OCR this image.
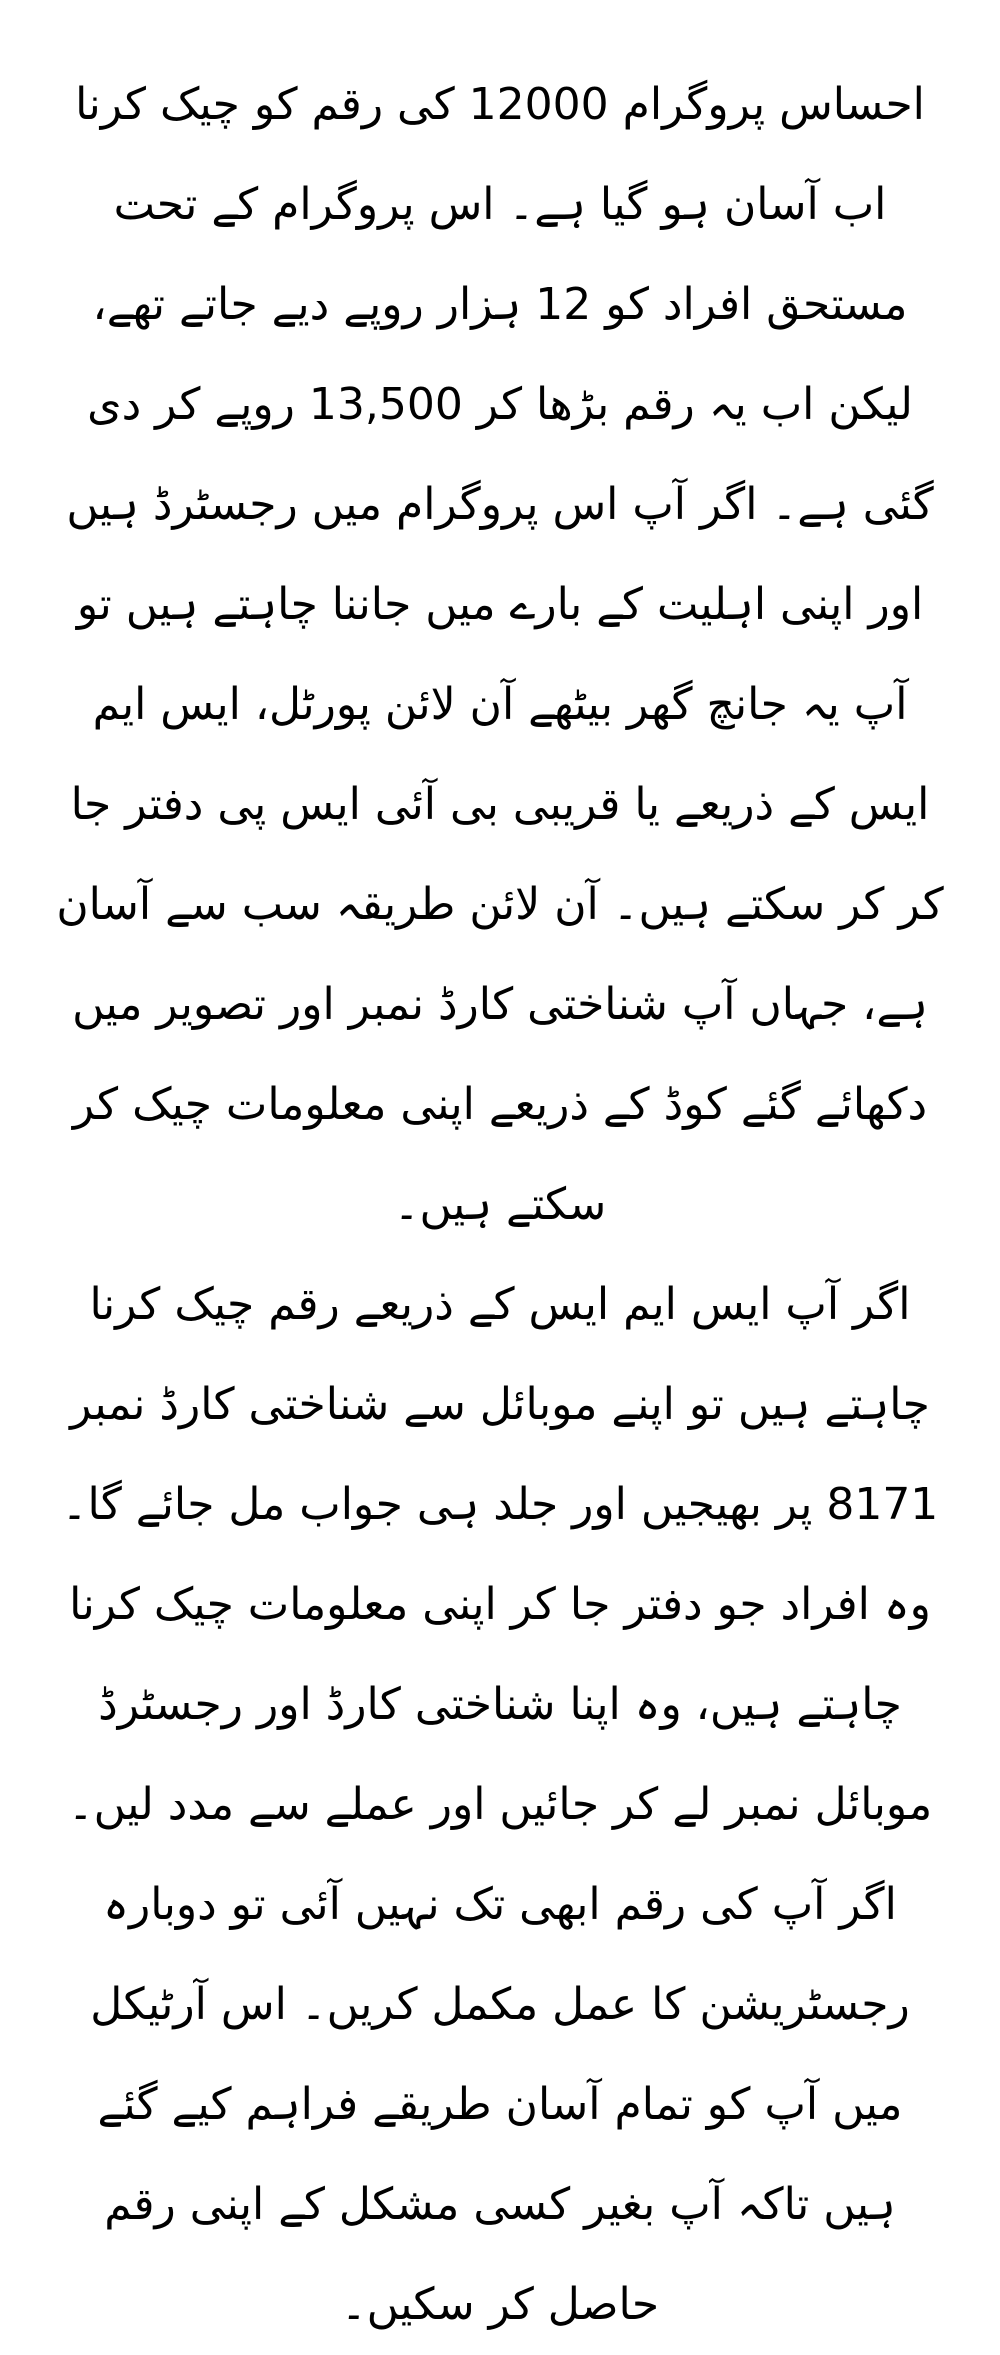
احساس پروگرام 12000 کی رقم کو چیک کرنا اب آسان ہو گیا ہے۔ اس پروگرام کے تحت مستحق افراد کو 12 ہزار روپے دیے جاتے تھے، لیکن اب یہ رقم بڑھا کر 13,500 روپے کر دی گئی ہے۔ اگر آپ اس پروگرام میں رجسٹرڈ ہیں اور اپنی اہلیت کے بارے میں جاننا چاہتے ہیں تو آپ یہ جانچ گھر بیٹھے آن لائن پورٹل، ایس ایم ایس کے ذریعے یا قریبی بی آئی ایس پی دفتر جا کر کر سکتے ہیں۔ آن لائن طریقہ سب سے آسان ہے، جہاں آپ شناختی کارڈ نمبر اور تصویر میں دکھائے گئے کوڈ کے ذریعے اپنی معلومات چیک کر سکتے ہیں۔

اگر آپ ایس ایم ایس کے ذریعے رقم چیک کرنا چاہتے ہیں تو اپنے موبائل سے شناختی کارڈ نمبر 8171 پر بھیجیں اور جلد ہی جواب مل جائے گا۔ وہ افراد جو دفتر جا کر اپنی معلومات چیک کرنا چاہتے ہیں، وہ اپنا شناختی کارڈ اور رجسٹرڈ موبائل نمبر لے کر جائیں اور عملے سے مدد لیں۔ اگر آپ کی رقم ابھی تک نہیں آئی تو دوبارہ رجسٹریشن کا عمل مکمل کریں۔ اس آرٹیکل میں آپ کو تمام آسان طریقے فراہم کیے گئے ہیں تاکہ آپ بغیر کسی مشکل کے اپنی رقم حاصل کر سکیں۔
